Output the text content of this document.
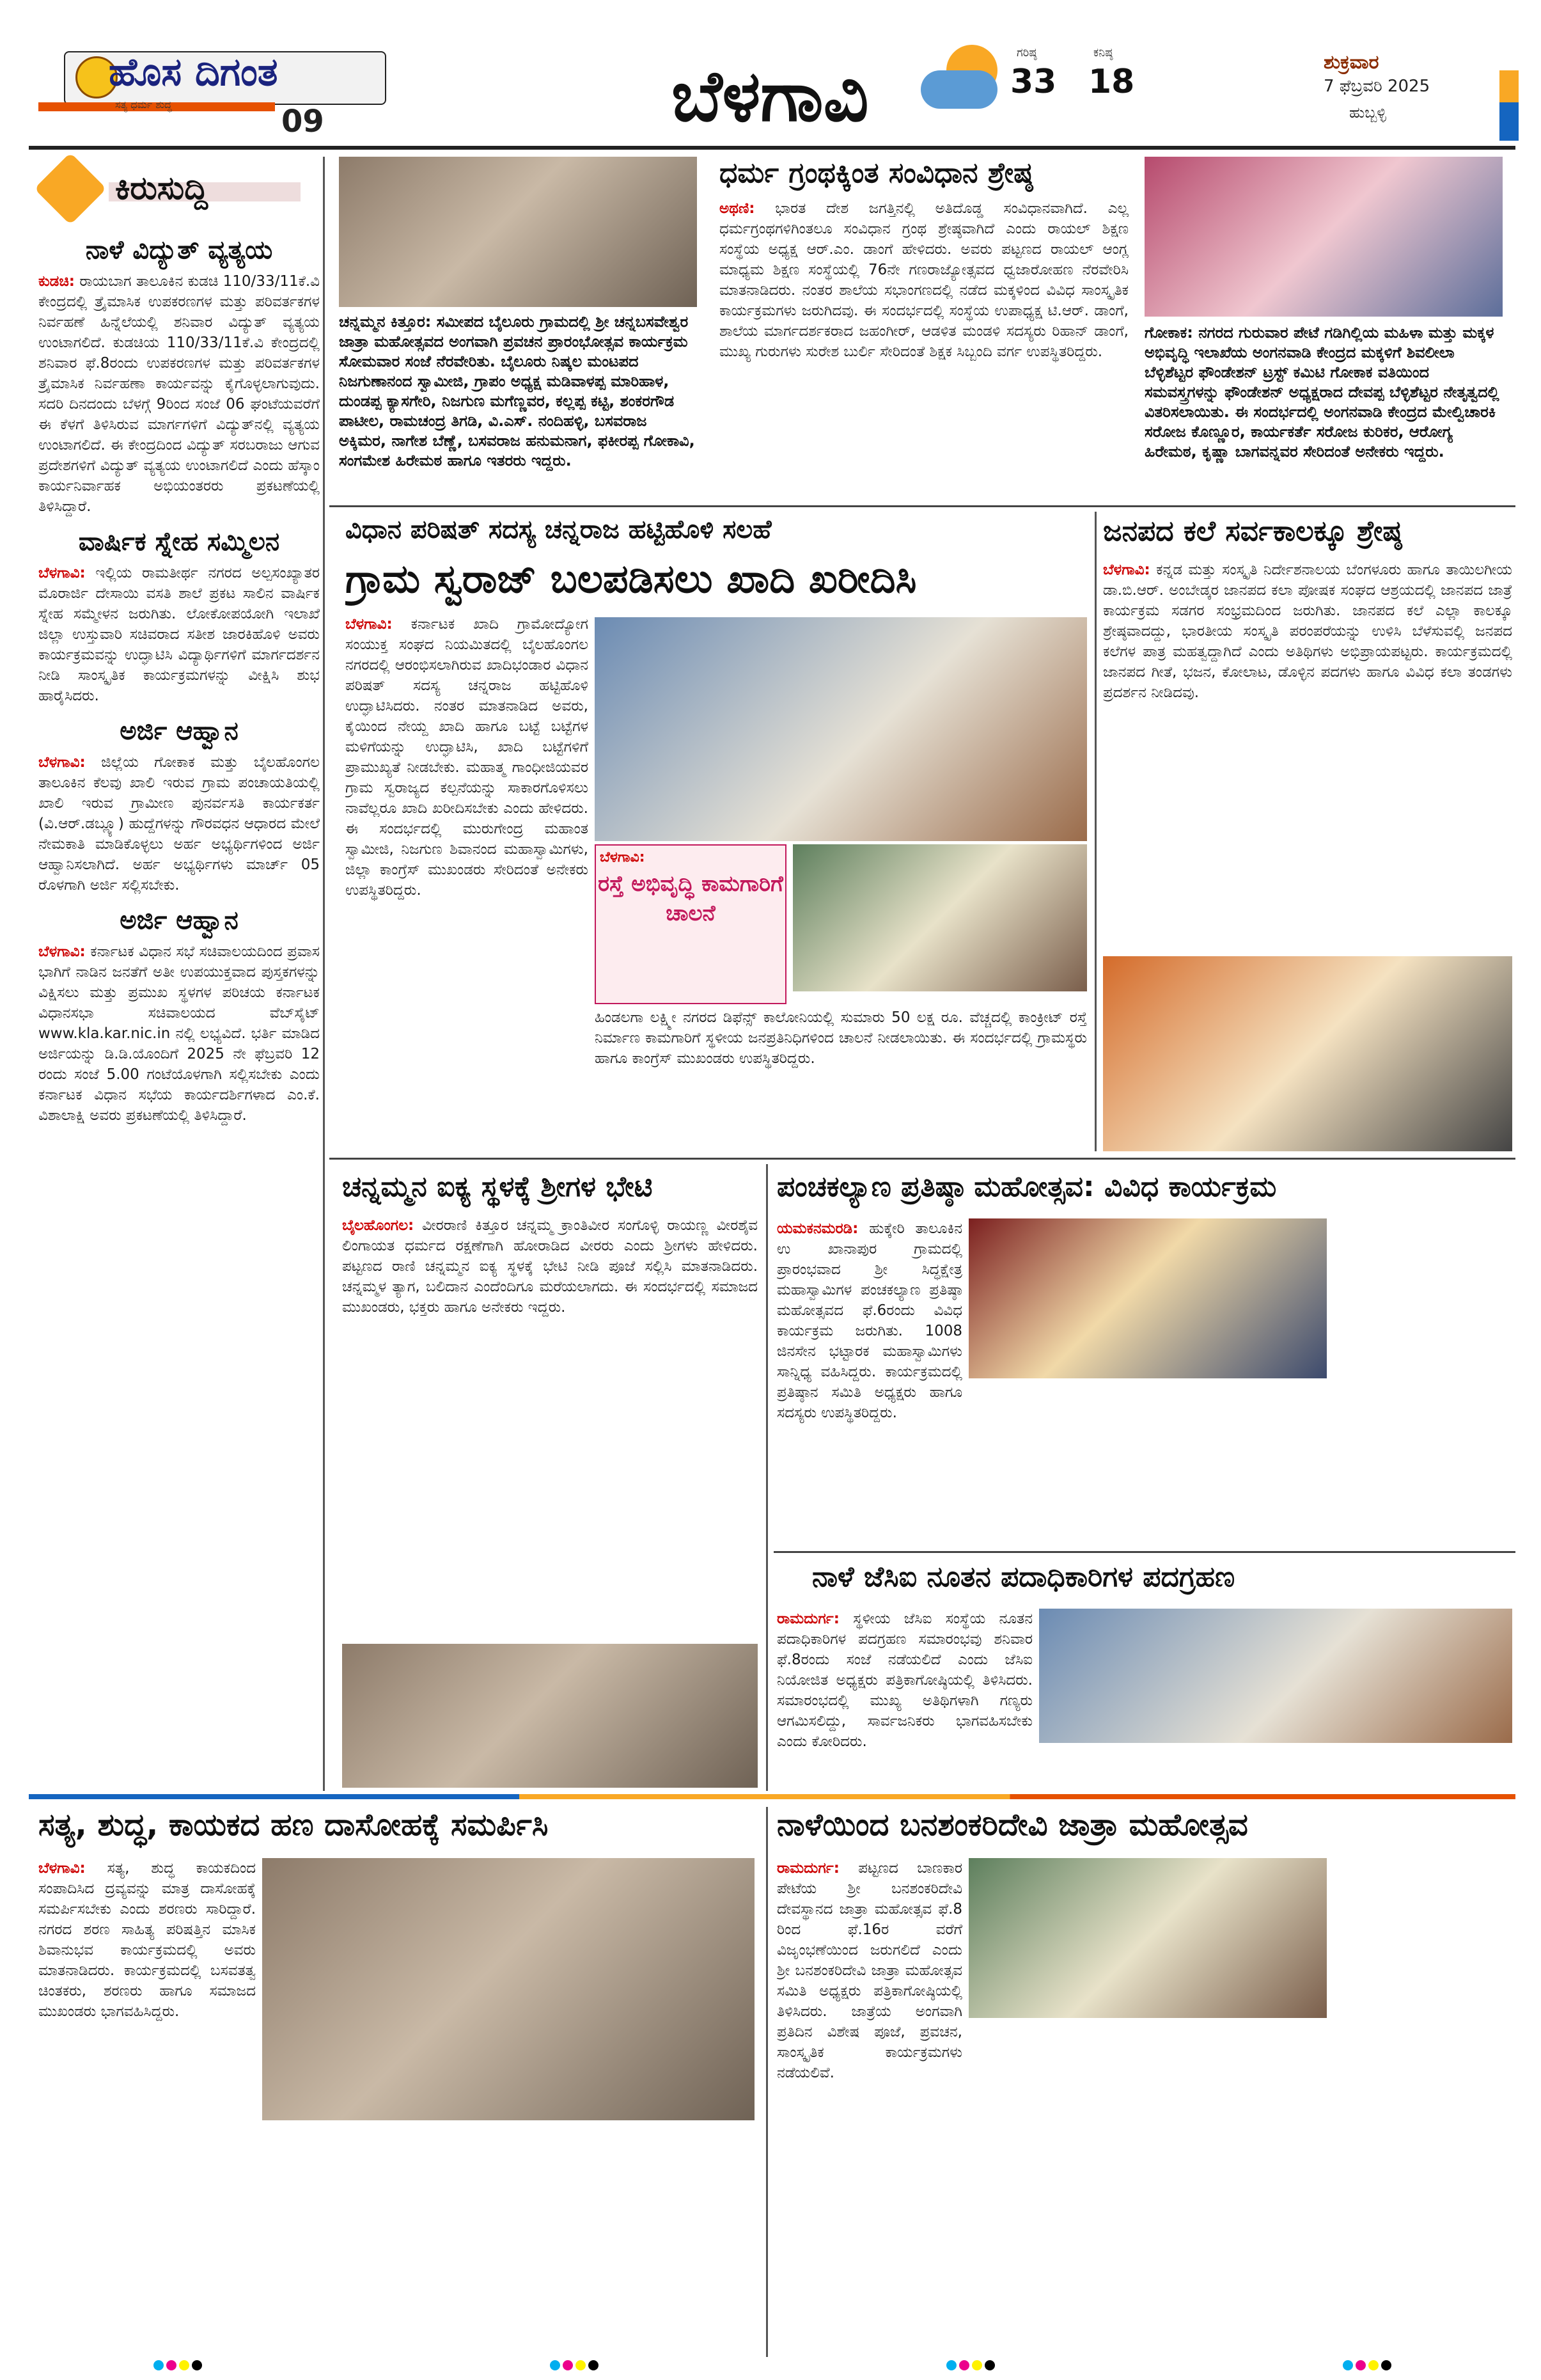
ಹೊಸ ದಿಗಂತ
ಸತ್ಯ ಧರ್ಮ ಶುದ್ಧ	09	ಬೆಳಗಾವಿ
ಗರಿಷ್ಠ
33
ಕನಿಷ್ಠ
18
ಶುಕ್ರವಾರ
7 ಫೆಬ್ರವರಿ 2025
ಹುಬ್ಬಳ್ಳಿ
ಕಿರುಸುದ್ದಿ
ನಾಳೆ ವಿದ್ಯುತ್ ವ್ಯತ್ಯಯ
ಕುಡಚಿ: ರಾಯಬಾಗ ತಾಲೂಕಿನ ಕುಡಚಿ 110/33/11ಕೆ.ವಿ ಕೇಂದ್ರದಲ್ಲಿ ತ್ರೈಮಾಸಿಕ ಉಪಕರಣಗಳ ಮತ್ತು ಪರಿವರ್ತಕಗಳ ನಿರ್ವಹಣೆ ಹಿನ್ನೆಲೆಯಲ್ಲಿ ಶನಿವಾರ ವಿದ್ಯುತ್ ವ್ಯತ್ಯಯ ಉಂಟಾಗಲಿದೆ. ಕುಡಚಿಯ 110/33/11ಕೆ.ವಿ ಕೇಂದ್ರದಲ್ಲಿ ಶನಿವಾರ ಫೆ.8ರಂದು ಉಪಕರಣಗಳ ಮತ್ತು ಪರಿವರ್ತಕಗಳ ತ್ರೈಮಾಸಿಕ ನಿರ್ವಹಣಾ ಕಾರ್ಯವನ್ನು ಕೈಗೊಳ್ಳಲಾಗುವುದು. ಸದರಿ ದಿನದಂದು ಬೆಳಗ್ಗೆ 9ರಿಂದ ಸಂಜೆ 06 ಘಂಟೆಯವರೆಗೆ ಈ ಕೆಳಗೆ ತಿಳಿಸಿರುವ ಮಾರ್ಗಗಳಿಗೆ ವಿದ್ಯುತ್‌ನಲ್ಲಿ ವ್ಯತ್ಯಯ ಉಂಟಾಗಲಿದೆ. ಈ ಕೇಂದ್ರದಿಂದ ವಿದ್ಯುತ್ ಸರಬರಾಜು ಆಗುವ ಪ್ರದೇಶಗಳಿಗೆ ವಿದ್ಯುತ್ ವ್ಯತ್ಯಯ ಉಂಟಾಗಲಿದೆ ಎಂದು ಹೆಸ್ಕಾಂ ಕಾರ್ಯನಿರ್ವಾಹಕ ಅಭಿಯಂತರರು ಪ್ರಕಟಣೆಯಲ್ಲಿ ತಿಳಿಸಿದ್ದಾರೆ.
ವಾರ್ಷಿಕ ಸ್ನೇಹ ಸಮ್ಮಿಲನ
ಬೆಳಗಾವಿ: ಇಲ್ಲಿಯ ರಾಮತೀರ್ಥ ನಗರದ ಅಲ್ಪಸಂಖ್ಯಾತರ ಮೊರಾರ್ಜಿ ದೇಸಾಯಿ ವಸತಿ ಶಾಲೆ ಪ್ರಕಟ ಸಾಲಿನ ವಾರ್ಷಿಕ ಸ್ನೇಹ ಸಮ್ಮೇಳನ ಜರುಗಿತು. ಲೋಕೋಪಯೋಗಿ ಇಲಾಖೆ ಜಿಲ್ಲಾ ಉಸ್ತುವಾರಿ ಸಚಿವರಾದ ಸತೀಶ ಜಾರಕಿಹೊಳಿ ಅವರು ಕಾರ್ಯಕ್ರಮವನ್ನು ಉದ್ಘಾಟಿಸಿ ವಿದ್ಯಾರ್ಥಿಗಳಿಗೆ ಮಾರ್ಗದರ್ಶನ ನೀಡಿ ಸಾಂಸ್ಕೃತಿಕ ಕಾರ್ಯಕ್ರಮಗಳನ್ನು ವೀಕ್ಷಿಸಿ ಶುಭ ಹಾರೈಸಿದರು.
ಅರ್ಜಿ ಆಹ್ವಾನ
ಬೆಳಗಾವಿ: ಜಿಲ್ಲೆಯ ಗೋಕಾಕ ಮತ್ತು ಬೈಲಹೊಂಗಲ ತಾಲೂಕಿನ ಕೆಲವು ಖಾಲಿ ಇರುವ ಗ್ರಾಮ ಪಂಚಾಯತಿಯಲ್ಲಿ ಖಾಲಿ ಇರುವ ಗ್ರಾಮೀಣ ಪುನರ್ವಸತಿ ಕಾರ್ಯಕರ್ತ (ವಿ.ಆರ್.ಡಬ್ಲ್ಯೂ) ಹುದ್ದೆಗಳನ್ನು ಗೌರವಧನ ಆಧಾರದ ಮೇಲೆ ನೇಮಕಾತಿ ಮಾಡಿಕೊಳ್ಳಲು ಅರ್ಹ ಅಭ್ಯರ್ಥಿಗಳಿಂದ ಅರ್ಜಿ ಆಹ್ವಾನಿಸಲಾಗಿದೆ. ಅರ್ಹ ಅಭ್ಯರ್ಥಿಗಳು ಮಾರ್ಚ್ 05 ರೊಳಗಾಗಿ ಅರ್ಜಿ ಸಲ್ಲಿಸಬೇಕು.
ಅರ್ಜಿ ಆಹ್ವಾನ
ಬೆಳಗಾವಿ: ಕರ್ನಾಟಕ ವಿಧಾನ ಸಭೆ ಸಚಿವಾಲಯದಿಂದ ಪ್ರವಾಸ ಭಾಗಿಗೆ ನಾಡಿನ ಜನತೆಗೆ ಅತೀ ಉಪಯುಕ್ತವಾದ ಪುಸ್ತಕಗಳನ್ನು ವಿಕ್ಷಿಸಲು ಮತ್ತು ಪ್ರಮುಖ ಸ್ಥಳಗಳ ಪರಿಚಯ ಕರ್ನಾಟಕ ವಿಧಾನಸಭಾ ಸಚಿವಾಲಯದ ವೆಬ್‌ಸೈಟ್‌ www.kla.kar.nic.in ನಲ್ಲಿ ಲಭ್ಯವಿದೆ. ಭರ್ತಿ ಮಾಡಿದ ಅರ್ಜಿಯನ್ನು ಡಿ.ಡಿ.ಯೊಂದಿಗೆ 2025 ನೇ ಫೆಬ್ರವರಿ 12 ರಂದು ಸಂಜೆ 5.00 ಗಂಟೆಯೊಳಗಾಗಿ ಸಲ್ಲಿಸಬೇಕು ಎಂದು ಕರ್ನಾಟಕ ವಿಧಾನ ಸಭೆಯ ಕಾರ್ಯದರ್ಶಿಗಳಾದ ಎಂ.ಕೆ. ವಿಶಾಲಾಕ್ಷಿ ಅವರು ಪ್ರಕಟಣೆಯಲ್ಲಿ ತಿಳಿಸಿದ್ದಾರೆ.
ಚನ್ನಮ್ಮನ ಕಿತ್ತೂರ: ಸಮೀಪದ ಬೈಲೂರು ಗ್ರಾಮದಲ್ಲಿ ಶ್ರೀ ಚನ್ನಬಸವೇಶ್ವರ ಜಾತ್ರಾ ಮಹೋತ್ಸವದ ಅಂಗವಾಗಿ ಪ್ರವಚನ ಪ್ರಾರಂಭೋತ್ಸವ ಕಾರ್ಯಕ್ರಮ ಸೋಮವಾರ ಸಂಜೆ ನೆರವೇರಿತು. ಬೈಲೂರು ನಿಷ್ಕಲ ಮಂಟಪದ ನಿಜಗುಣಾನಂದ ಸ್ವಾಮೀಜಿ, ಗ್ರಾಪಂ ಅಧ್ಯಕ್ಷ ಮಡಿವಾಳಪ್ಪ ಮಾರಿಹಾಳ, ದುಂಡಪ್ಪ ಕ್ಯಾಸಗೇರಿ, ನಿಜಗುಣ ಮಗೆಣ್ಣವರ, ಕಲ್ಲಪ್ಪ ಕಟ್ಟಿ, ಶಂಕರಗೌಡ ಪಾಟೀಲ, ರಾಮಚಂದ್ರ ತಿಗಡಿ, ವಿ.ಎಸ್. ನಂದಿಹಳ್ಳಿ, ಬಸವರಾಜ ಅಕ್ಕಿಮರ, ನಾಗೇಶ ಬೆಣ್ಣೆ, ಬಸವರಾಜ ಹನುಮನಾಗ, ಫಕೀರಪ್ಪ ಗೋಕಾವಿ, ಸಂಗಮೇಶ ಹಿರೇಮಠ ಹಾಗೂ ಇತರರು ಇದ್ದರು.
ಧರ್ಮ ಗ್ರಂಥಕ್ಕಿಂತ ಸಂವಿಧಾನ ಶ್ರೇಷ್ಠ
ಅಥಣಿ: ಭಾರತ ದೇಶ ಜಗತ್ತಿನಲ್ಲಿ ಅತಿದೊಡ್ಡ ಸಂವಿಧಾನವಾಗಿದೆ. ಎಲ್ಲ ಧರ್ಮಗ್ರಂಥಗಳಿಗಿಂತಲೂ ಸಂವಿಧಾನ ಗ್ರಂಥ ಶ್ರೇಷ್ಠವಾಗಿದೆ ಎಂದು ರಾಯಲ್ ಶಿಕ್ಷಣ ಸಂಸ್ಥೆಯ ಅಧ್ಯಕ್ಷ ಆರ್.ಎಂ. ಡಾಂಗೆ ಹೇಳಿದರು. ಅವರು ಪಟ್ಟಣದ ರಾಯಲ್ ಆಂಗ್ಲ ಮಾಧ್ಯಮ ಶಿಕ್ಷಣ ಸಂಸ್ಥೆಯಲ್ಲಿ 76ನೇ ಗಣರಾಜ್ಯೋತ್ಸವದ ಧ್ವಜಾರೋಹಣ ನೆರವೇರಿಸಿ ಮಾತನಾಡಿದರು. ನಂತರ ಶಾಲೆಯ ಸಭಾಂಗಣದಲ್ಲಿ ನಡೆದ ಮಕ್ಕಳಿಂದ ವಿವಿಧ ಸಾಂಸ್ಕೃತಿಕ ಕಾರ್ಯಕ್ರಮಗಳು ಜರುಗಿದವು. ಈ ಸಂದರ್ಭದಲ್ಲಿ ಸಂಸ್ಥೆಯ ಉಪಾಧ್ಯಕ್ಷ ಟಿ.ಆರ್. ಡಾಂಗೆ, ಶಾಲೆಯ ಮಾರ್ಗದರ್ಶಕರಾದ ಜಹಂಗೀರ್, ಆಡಳಿತ ಮಂಡಳಿ ಸದಸ್ಯರು ರಿಹಾನ್ ಡಾಂಗೆ, ಮುಖ್ಯ ಗುರುಗಳು ಸುರೇಶ ಬುರ್ಲಿ ಸೇರಿದಂತೆ ಶಿಕ್ಷಕ ಸಿಬ್ಬಂದಿ ವರ್ಗ ಉಪಸ್ಥಿತರಿದ್ದರು.
ಗೋಕಾಕ: ನಗರದ ಗುರುವಾರ ಪೇಟೆ ಗಡಿಗಿಲ್ಲಿಯ ಮಹಿಳಾ ಮತ್ತು ಮಕ್ಕಳ ಅಭಿವೃದ್ಧಿ ಇಲಾಖೆಯ ಅಂಗನವಾಡಿ ಕೇಂದ್ರದ ಮಕ್ಕಳಿಗೆ ಶಿವಲೀಲಾ ಬೆಳ್ಳಿಶೆಟ್ಟರ ಫೌಂಡೇಶನ್ ಟ್ರಸ್ಟ್ ಕಮಿಟಿ ಗೋಕಾಕ ವತಿಯಿಂದ ಸಮವಸ್ತ್ರಗಳನ್ನು ಫೌಂಡೇಶನ್ ಅಧ್ಯಕ್ಷರಾದ ದೇವಪ್ಪ ಬೆಳ್ಳಿಶೆಟ್ಟರ ನೇತೃತ್ವದಲ್ಲಿ ವಿತರಿಸಲಾಯಿತು. ಈ ಸಂದರ್ಭದಲ್ಲಿ ಅಂಗನವಾಡಿ ಕೇಂದ್ರದ ಮೇಲ್ವಿಚಾರಕಿ ಸರೋಜ ಕೊಣ್ಣೂರ, ಕಾರ್ಯಕರ್ತೆ ಸರೋಜ ಕುರಿಕರ, ಆರೋಗ್ಯ ಹಿರೇಮಠ, ಕೃಷ್ಣಾ ಬಾಗವನ್ನವರ ಸೇರಿದಂತೆ ಅನೇಕರು ಇದ್ದರು.
ವಿಧಾನ ಪರಿಷತ್ ಸದಸ್ಯ ಚನ್ನರಾಜ ಹಟ್ಟಿಹೊಳಿ ಸಲಹೆ
ಗ್ರಾಮ ಸ್ವರಾಜ್ ಬಲಪಡಿಸಲು ಖಾದಿ ಖರೀದಿಸಿ
ಬೆಳಗಾವಿ: ಕರ್ನಾಟಕ ಖಾದಿ ಗ್ರಾಮೋದ್ಯೋಗ ಸಂಯುಕ್ತ ಸಂಘದ ನಿಯಮಿತದಲ್ಲಿ ಬೈಲಹೊಂಗಲ ನಗರದಲ್ಲಿ ಆರಂಭಿಸಲಾಗಿರುವ ಖಾದಿಭಂಡಾರ ವಿಧಾನ ಪರಿಷತ್ ಸದಸ್ಯ ಚನ್ನರಾಜ ಹಟ್ಟಿಹೊಳಿ ಉದ್ಘಾಟಿಸಿದರು. ನಂತರ ಮಾತನಾಡಿದ ಅವರು, ಕೈಯಿಂದ ನೇಯ್ದ ಖಾದಿ ಹಾಗೂ ಬಟ್ಟೆ ಬಟ್ಟೆಗಳ ಮಳಿಗೆಯನ್ನು ಉದ್ಘಾಟಿಸಿ, ಖಾದಿ ಬಟ್ಟೆಗಳಿಗೆ ಪ್ರಾಮುಖ್ಯತೆ ನೀಡಬೇಕು. ಮಹಾತ್ಮ ಗಾಂಧೀಜಿಯವರ ಗ್ರಾಮ ಸ್ವರಾಜ್ಯದ ಕಲ್ಪನೆಯನ್ನು ಸಾಕಾರಗೊಳಿಸಲು ನಾವೆಲ್ಲರೂ ಖಾದಿ ಖರೀದಿಸಬೇಕು ಎಂದು ಹೇಳಿದರು. ಈ ಸಂದರ್ಭದಲ್ಲಿ ಮುರುಗೇಂದ್ರ ಮಹಾಂತ ಸ್ವಾಮೀಜಿ, ನಿಜಗುಣ ಶಿವಾನಂದ ಮಹಾಸ್ವಾಮಿಗಳು, ಜಿಲ್ಲಾ ಕಾಂಗ್ರೆಸ್ ಮುಖಂಡರು ಸೇರಿದಂತೆ ಅನೇಕರು ಉಪಸ್ಥಿತರಿದ್ದರು.
ಬೆಳಗಾವಿ:
ರಸ್ತೆ ಅಭಿವೃದ್ಧಿ ಕಾಮಗಾರಿಗೆ ಚಾಲನೆ
ಹಿಂಡಲಗಾ ಲಕ್ಷ್ಮೀ ನಗರದ ಡಿಫೆನ್ಸ್ ಕಾಲೋನಿಯಲ್ಲಿ ಸುಮಾರು 50 ಲಕ್ಷ ರೂ. ವೆಚ್ಚದಲ್ಲಿ ಕಾಂಕ್ರೀಟ್ ರಸ್ತೆ ನಿರ್ಮಾಣ ಕಾಮಗಾರಿಗೆ ಸ್ಥಳೀಯ ಜನಪ್ರತಿನಿಧಿಗಳಿಂದ ಚಾಲನೆ ನೀಡಲಾಯಿತು. ಈ ಸಂದರ್ಭದಲ್ಲಿ ಗ್ರಾಮಸ್ಥರು ಹಾಗೂ ಕಾಂಗ್ರೆಸ್ ಮುಖಂಡರು ಉಪಸ್ಥಿತರಿದ್ದರು.
ಜನಪದ ಕಲೆ ಸರ್ವಕಾಲಕ್ಕೂ ಶ್ರೇಷ್ಠ
ಬೆಳಗಾವಿ: ಕನ್ನಡ ಮತ್ತು ಸಂಸ್ಕೃತಿ ನಿರ್ದೇಶನಾಲಯ ಬೆಂಗಳೂರು ಹಾಗೂ ತಾಯಿಲಗೀಯ ಡಾ.ಬಿ.ಆರ್. ಅಂಬೇಡ್ಕರ ಜಾನಪದ ಕಲಾ ಪೋಷಕ ಸಂಘದ ಆಶ್ರಯದಲ್ಲಿ ಜಾನಪದ ಜಾತ್ರೆ ಕಾರ್ಯಕ್ರಮ ಸಡಗರ ಸಂಭ್ರಮದಿಂದ ಜರುಗಿತು. ಜಾನಪದ ಕಲೆ ಎಲ್ಲಾ ಕಾಲಕ್ಕೂ ಶ್ರೇಷ್ಠವಾದದ್ದು, ಭಾರತೀಯ ಸಂಸ್ಕೃತಿ ಪರಂಪರೆಯನ್ನು ಉಳಿಸಿ ಬೆಳೆಸುವಲ್ಲಿ ಜನಪದ ಕಲೆಗಳ ಪಾತ್ರ ಮಹತ್ವದ್ದಾಗಿದೆ ಎಂದು ಅತಿಥಿಗಳು ಅಭಿಪ್ರಾಯಪಟ್ಟರು. ಕಾರ್ಯಕ್ರಮದಲ್ಲಿ ಜಾನಪದ ಗೀತೆ, ಭಜನ, ಕೋಲಾಟ, ಡೊಳ್ಳಿನ ಪದಗಳು ಹಾಗೂ ವಿವಿಧ ಕಲಾ ತಂಡಗಳು ಪ್ರದರ್ಶನ ನೀಡಿದವು.
ಚನ್ನಮ್ಮನ ಐಕ್ಯ ಸ್ಥಳಕ್ಕೆ ಶ್ರೀಗಳ ಭೇಟಿ
ಬೈಲಹೊಂಗಲ: ವೀರರಾಣಿ ಕಿತ್ತೂರ ಚನ್ನಮ್ಮ ಕ್ರಾಂತಿವೀರ ಸಂಗೊಳ್ಳಿ ರಾಯಣ್ಣ ವೀರಶೈವ ಲಿಂಗಾಯತ ಧರ್ಮದ ರಕ್ಷಣೆಗಾಗಿ ಹೋರಾಡಿದ ವೀರರು ಎಂದು ಶ್ರೀಗಳು ಹೇಳಿದರು. ಪಟ್ಟಣದ ರಾಣಿ ಚನ್ನಮ್ಮನ ಐಕ್ಯ ಸ್ಥಳಕ್ಕೆ ಭೇಟಿ ನೀಡಿ ಪೂಜೆ ಸಲ್ಲಿಸಿ ಮಾತನಾಡಿದರು. ಚನ್ನಮ್ಮಳ ತ್ಯಾಗ, ಬಲಿದಾನ ಎಂದೆಂದಿಗೂ ಮರೆಯಲಾಗದು. ಈ ಸಂದರ್ಭದಲ್ಲಿ ಸಮಾಜದ ಮುಖಂಡರು, ಭಕ್ತರು ಹಾಗೂ ಅನೇಕರು ಇದ್ದರು.
ಪಂಚಕಲ್ಯಾಣ ಪ್ರತಿಷ್ಠಾ ಮಹೋತ್ಸವ: ವಿವಿಧ ಕಾರ್ಯಕ್ರಮ
ಯಮಕನಮರಡಿ: ಹುಕ್ಕೇರಿ ತಾಲೂಕಿನ ಉ ಖಾನಾಪುರ ಗ್ರಾಮದಲ್ಲಿ ಪ್ರಾರಂಭವಾದ ಶ್ರೀ ಸಿದ್ಧಕ್ಷೇತ್ರ ಮಹಾಸ್ವಾಮಿಗಳ ಪಂಚಕಲ್ಯಾಣ ಪ್ರತಿಷ್ಠಾ ಮಹೋತ್ಸವದ ಫೆ.6ರಂದು ವಿವಿಧ ಕಾರ್ಯಕ್ರಮ ಜರುಗಿತು. 1008 ಜಿನಸೇನ ಭಟ್ಟಾರಕ ಮಹಾಸ್ವಾಮಿಗಳು ಸಾನ್ನಿಧ್ಯ ವಹಿಸಿದ್ದರು. ಕಾರ್ಯಕ್ರಮದಲ್ಲಿ ಪ್ರತಿಷ್ಠಾನ ಸಮಿತಿ ಅಧ್ಯಕ್ಷರು ಹಾಗೂ ಸದಸ್ಯರು ಉಪಸ್ಥಿತರಿದ್ದರು.
ನಾಳೆ ಜೆಸಿಐ ನೂತನ ಪದಾಧಿಕಾರಿಗಳ ಪದಗ್ರಹಣ
ರಾಮದುರ್ಗ: ಸ್ಥಳೀಯ ಜೆಸಿಐ ಸಂಸ್ಥೆಯ ನೂತನ ಪದಾಧಿಕಾರಿಗಳ ಪದಗ್ರಹಣ ಸಮಾರಂಭವು ಶನಿವಾರ ಫೆ.8ರಂದು ಸಂಜೆ ನಡೆಯಲಿದೆ ಎಂದು ಜೆಸಿಐ ನಿಯೋಜಿತ ಅಧ್ಯಕ್ಷರು ಪತ್ರಿಕಾಗೋಷ್ಠಿಯಲ್ಲಿ ತಿಳಿಸಿದರು. ಸಮಾರಂಭದಲ್ಲಿ ಮುಖ್ಯ ಅತಿಥಿಗಳಾಗಿ ಗಣ್ಯರು ಆಗಮಿಸಲಿದ್ದು, ಸಾರ್ವಜನಿಕರು ಭಾಗವಹಿಸಬೇಕು ಎಂದು ಕೋರಿದರು.
ಸತ್ಯ, ಶುದ್ಧ, ಕಾಯಕದ ಹಣ ದಾಸೋಹಕ್ಕೆ ಸಮರ್ಪಿಸಿ
ಬೆಳಗಾವಿ: ಸತ್ಯ, ಶುದ್ಧ ಕಾಯಕದಿಂದ ಸಂಪಾದಿಸಿದ ದ್ರವ್ಯವನ್ನು ಮಾತ್ರ ದಾಸೋಹಕ್ಕೆ ಸಮರ್ಪಿಸಬೇಕು ಎಂದು ಶರಣರು ಸಾರಿದ್ದಾರೆ. ನಗರದ ಶರಣ ಸಾಹಿತ್ಯ ಪರಿಷತ್ತಿನ ಮಾಸಿಕ ಶಿವಾನುಭವ ಕಾರ್ಯಕ್ರಮದಲ್ಲಿ ಅವರು ಮಾತನಾಡಿದರು. ಕಾರ್ಯಕ್ರಮದಲ್ಲಿ ಬಸವತತ್ವ ಚಿಂತಕರು, ಶರಣರು ಹಾಗೂ ಸಮಾಜದ ಮುಖಂಡರು ಭಾಗವಹಿಸಿದ್ದರು.
ನಾಳೆಯಿಂದ ಬನಶಂಕರಿದೇವಿ ಜಾತ್ರಾ ಮಹೋತ್ಸವ
ರಾಮದುರ್ಗ: ಪಟ್ಟಣದ ಬಾಣಕಾರ ಪೇಟೆಯ ಶ್ರೀ ಬನಶಂಕರಿದೇವಿ ದೇವಸ್ಥಾನದ ಜಾತ್ರಾ ಮಹೋತ್ಸವ ಫೆ.8 ರಿಂದ ಫೆ.16ರ ವರೆಗೆ ವಿಜೃಂಭಣೆಯಿಂದ ಜರುಗಲಿದೆ ಎಂದು ಶ್ರೀ ಬನಶಂಕರಿದೇವಿ ಜಾತ್ರಾ ಮಹೋತ್ಸವ ಸಮಿತಿ ಅಧ್ಯಕ್ಷರು ಪತ್ರಿಕಾಗೋಷ್ಠಿಯಲ್ಲಿ ತಿಳಿಸಿದರು. ಜಾತ್ರೆಯ ಅಂಗವಾಗಿ ಪ್ರತಿದಿನ ವಿಶೇಷ ಪೂಜೆ, ಪ್ರವಚನ, ಸಾಂಸ್ಕೃತಿಕ ಕಾರ್ಯಕ್ರಮಗಳು ನಡೆಯಲಿವೆ.
